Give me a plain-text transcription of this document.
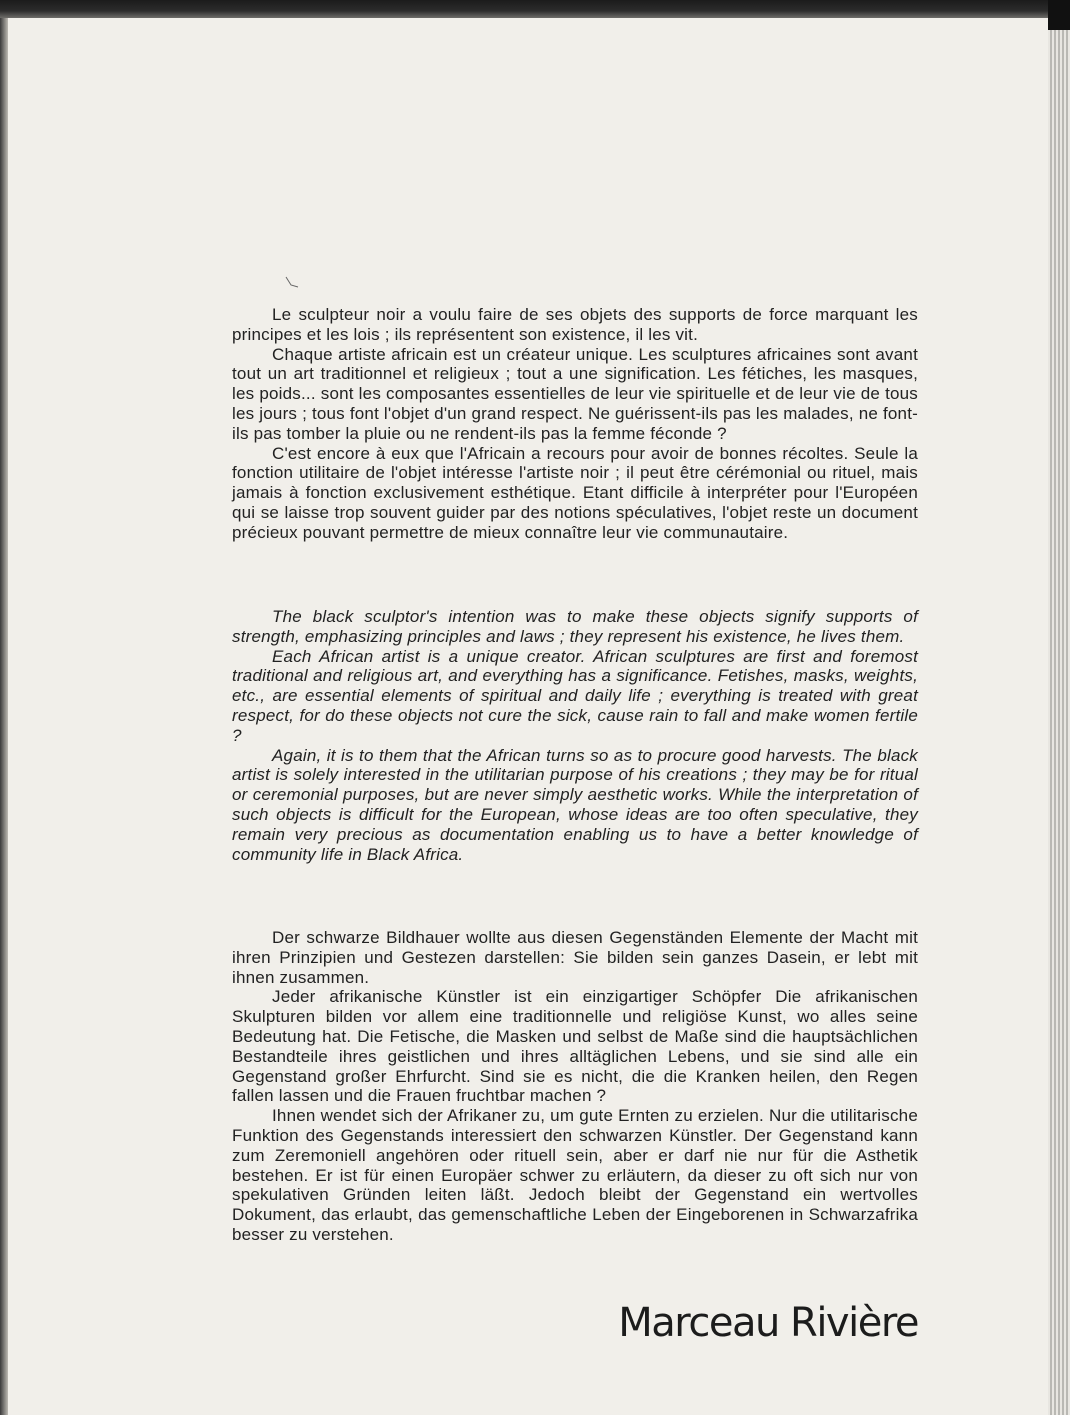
Le sculpteur noir a voulu faire de ses objets des supports de force marquant les principes et les lois ; ils représentent son existence, il les vit.

Chaque artiste africain est un créateur unique. Les sculptures africaines sont avant tout un art traditionnel et religieux ; tout a une signification. Les fétiches, les masques, les poids... sont les composantes essentielles de leur vie spirituelle et de leur vie de tous les jours ; tous font l'objet d'un grand respect. Ne guérissent-ils pas les malades, ne font-ils pas tomber la pluie ou ne rendent-ils pas la femme féconde ?

C'est encore à eux que l'Africain a recours pour avoir de bonnes récoltes. Seule la fonction utilitaire de l'objet intéresse l'artiste noir ; il peut être cérémonial ou rituel, mais jamais à fonction exclusivement esthétique. Etant difficile à interpréter pour l'Européen qui se laisse trop souvent guider par des notions spéculatives, l'objet reste un document précieux pouvant permettre de mieux connaître leur vie communautaire.

The black sculptor's intention was to make these objects signify supports of strength, emphasizing principles and laws ; they represent his existence, he lives them.

Each African artist is a unique creator. African sculptures are first and foremost traditional and religious art, and everything has a significance. Fetishes, masks, weights, etc., are essential elements of spiritual and daily life ; everything is treated with great respect, for do these objects not cure the sick, cause rain to fall and make women fertile ?

Again, it is to them that the African turns so as to procure good harvests. The black artist is solely interested in the utilitarian purpose of his creations ; they may be for ritual or ceremonial purposes, but are never simply aesthetic works. While the interpretation of such objects is difficult for the European, whose ideas are too often speculative, they remain very precious as documentation enabling us to have a better knowledge of community life in Black Africa.

Der schwarze Bildhauer wollte aus diesen Gegenständen Elemente der Macht mit ihren Prinzipien und Gestezen darstellen: Sie bilden sein ganzes Dasein, er lebt mit ihnen zusammen.

Jeder afrikanische Künstler ist ein einzigartiger Schöpfer Die afrikanischen Skulpturen bilden vor allem eine traditionnelle und religiöse Kunst, wo alles seine Bedeutung hat. Die Fetische, die Masken und selbst de Maße sind die hauptsächlichen Bestandteile ihres geistlichen und ihres alltäglichen Lebens, und sie sind alle ein Gegenstand großer Ehrfurcht. Sind sie es nicht, die die Kranken heilen, den Regen fallen lassen und die Frauen fruchtbar machen ?

Ihnen wendet sich der Afrikaner zu, um gute Ernten zu erzielen. Nur die utilitarische Funktion des Gegenstands interessiert den schwarzen Künstler. Der Gegenstand kann zum Zeremoniell angehören oder rituell sein, aber er darf nie nur für die Asthetik bestehen. Er ist für einen Europäer schwer zu erläutern, da dieser zu oft sich nur von spekulativen Gründen leiten läßt. Jedoch bleibt der Gegenstand ein wertvolles Dokument, das erlaubt, das gemenschaftliche Leben der Eingeborenen in Schwarzafrika besser zu verstehen.

Marceau Rivière
